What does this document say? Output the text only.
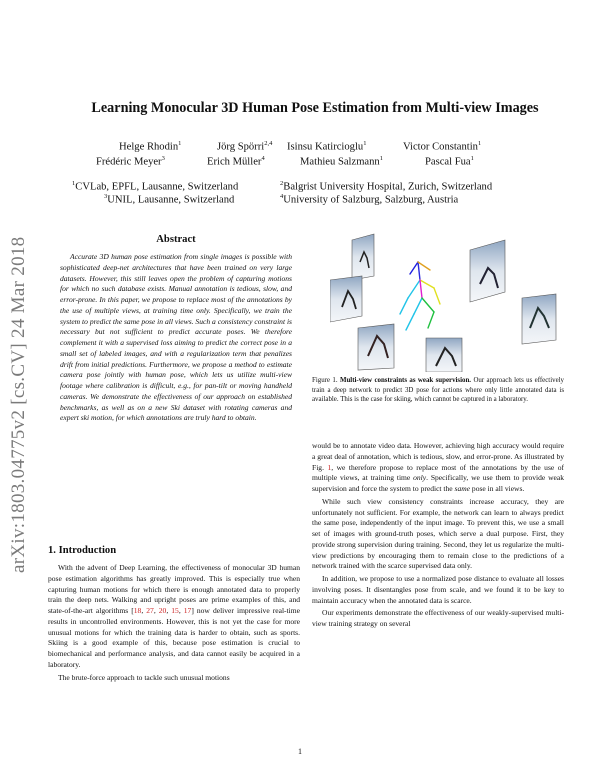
arXiv:1803.04775v2 [cs.CV] 24 Mar 2018
Learning Monocular 3D Human Pose Estimation from Multi-view Images
Helge Rhodin$^1$	Jörg Spörri$^{2,4}$ Isinsu Katircioglu$^1$	Victor Constantin$^1$
Frédéric Meyer$^3$	Erich Müller$^4$	Mathieu Salzmann$^1$	Pascal Fua$^1$
$^1$CVLab, EPFL, Lausanne, Switzerland	$^2$Balgrist University Hospital, Zurich, Switzerland
$^3$UNIL, Lausanne, Switzerland	$^4$University of Salzburg, Salzburg, Austria
Abstract

Accurate 3D human pose estimation from single images is possible with sophisticated deep-net architectures that have been trained on very large datasets. However, this still leaves open the problem of capturing motions for which no such database exists. Manual annotation is tedious, slow, and error-prone. In this paper, we propose to replace most of the annotations by the use of multiple views, at training time only. Specifically, we train the system to predict the same pose in all views. Such a consistency constraint is necessary but not sufficient to predict accurate poses. We therefore complement it with a supervised loss aiming to predict the correct pose in a small set of labeled images, and with a regularization term that penalizes drift from initial predictions. Furthermore, we propose a method to estimate camera pose jointly with human pose, which lets us utilize multi-view footage where calibration is difficult, e.g., for pan-tilt or moving handheld cameras. We demonstrate the effectiveness of our approach on established benchmarks, as well as on a new Ski dataset with rotating cameras and expert ski motion, for which annotations are truly hard to obtain.

1. Introduction

With the advent of Deep Learning, the effectiveness of monocular 3D human pose estimation algorithms has greatly improved. This is especially true when capturing human motions for which there is enough annotated data to properly train the deep nets. Walking and upright poses are prime examples of this, and state-of-the-art algorithms [18, 27, 20, 15, 17] now deliver impressive real-time results in uncontrolled environments. However, this is not yet the case for more unusual motions for which the training data is harder to obtain, such as sports. Skiing is a good example of this, because pose estimation is crucial to biomechanical and performance analysis, and data cannot easily be acquired in a laboratory.

The brute-force approach to tackle such unusual motions

Figure 1. Multi-view constraints as weak supervision. Our approach lets us effectively train a deep network to predict 3D pose for actions where only little annotated data is available. This is the case for skiing, which cannot be captured in a laboratory.

would be to annotate video data. However, achieving high accuracy would require a great deal of annotation, which is tedious, slow, and error-prone. As illustrated by Fig. 1, we therefore propose to replace most of the annotations by the use of multiple views, at training time only. Specifically, we use them to provide weak supervision and force the system to predict the same pose in all views.

While such view consistency constraints increase accuracy, they are unfortunately not sufficient. For example, the network can learn to always predict the same pose, independently of the input image. To prevent this, we use a small set of images with ground-truth poses, which serve a dual purpose. First, they provide strong supervision during training. Second, they let us regularize the multi-view predictions by encouraging them to remain close to the predictions of a network trained with the scarce supervised data only.

In addition, we propose to use a normalized pose distance to evaluate all losses involving poses. It disentangles pose from scale, and we found it to be key to maintain accuracy when the annotated data is scarce.

Our experiments demonstrate the effectiveness of our weakly-supervised multi-view training strategy on several

1
